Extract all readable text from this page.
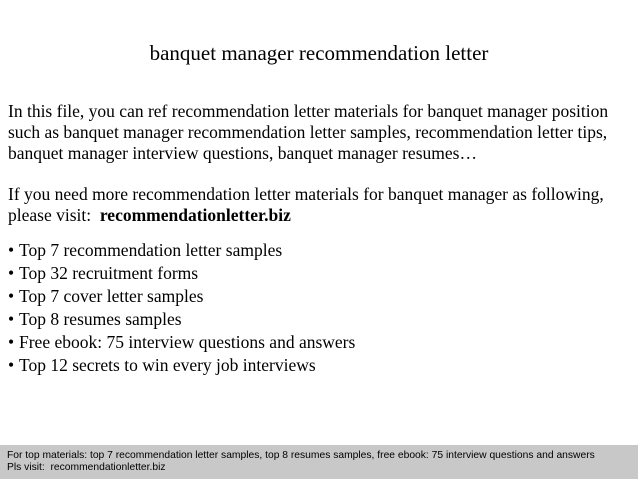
banquet manager recommendation letter

In this file, you can ref recommendation letter materials for banquet manager position
such as banquet manager recommendation letter samples, recommendation letter tips,
banquet manager interview questions, banquet manager resumes…

If you need more recommendation letter materials for banquet manager as following,
please visit:  recommendationletter.biz

• Top 7 recommendation letter samples
• Top 32 recruitment forms
• Top 7 cover letter samples
• Top 8 resumes samples
• Free ebook: 75 interview questions and answers
• Top 12 secrets to win every job interviews
For top materials: top 7 recommendation letter samples, top 8 resumes samples, free ebook: 75 interview questions and answers
Pls visit:  recommendationletter.biz
